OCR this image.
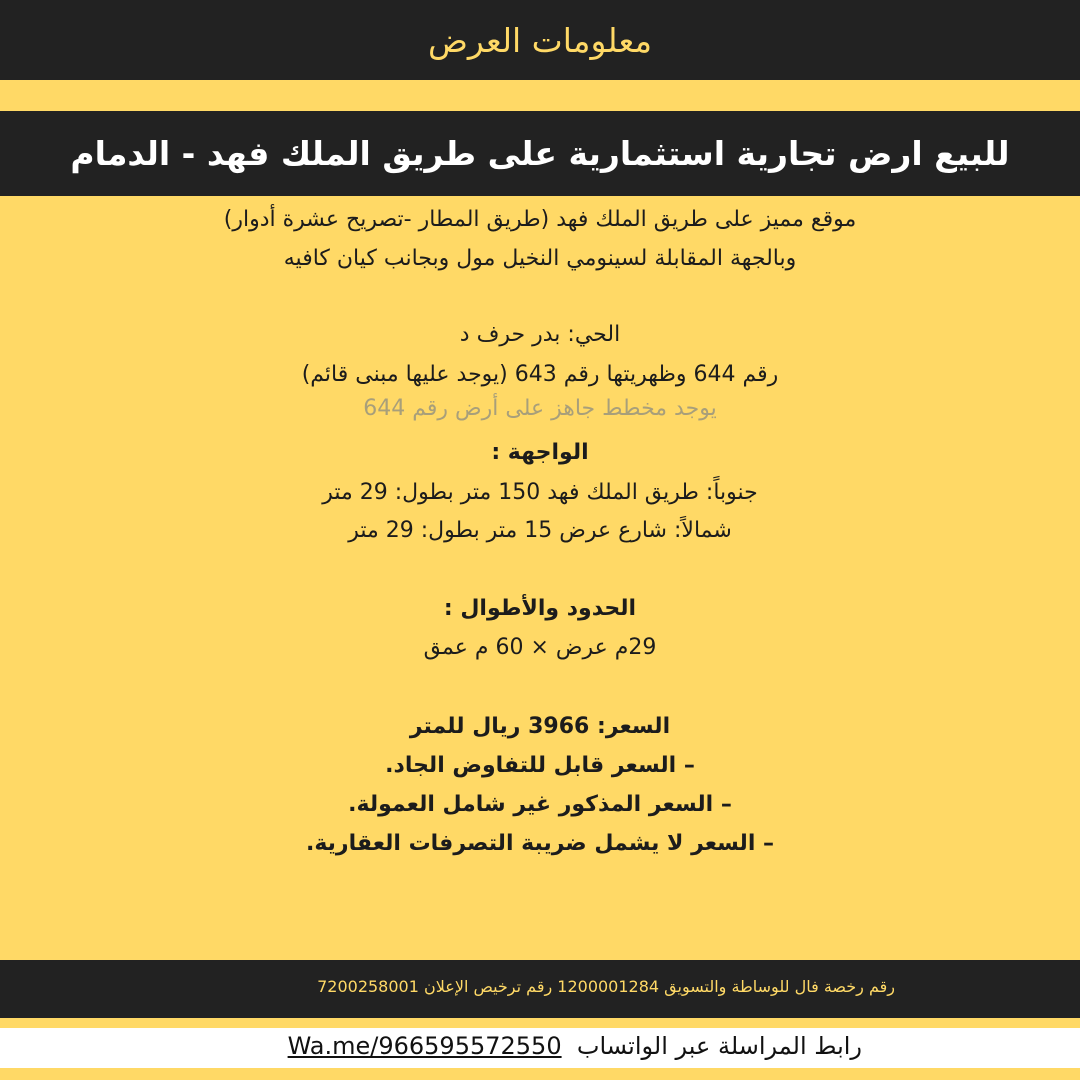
معلومات العرض
للبيع ارض تجارية استثمارية على طريق الملك فهد - الدمام
موقع مميز على طريق الملك فهد (طريق المطار -تصريح عشرة أدوار)
وبالجهة المقابلة لسينومي النخيل مول وبجانب كيان كافيه
الحي: بدر حرف د
رقم 644 وظهريتها رقم 643 (يوجد عليها مبنى قائم)
يوجد مخطط جاهز على أرض رقم 644
الواجهة :
جنوباً: طريق الملك فهد 150 متر بطول: 29 متر
شمالاً: شارع عرض 15 متر بطول: 29 متر
الحدود والأطوال :
29م عرض × 60 م عمق
السعر: 3966 ريال للمتر
– السعر قابل للتفاوض الجاد.
– السعر المذكور غير شامل العمولة.
– السعر لا يشمل ضريبة التصرفات العقارية.
رقم رخصة فال للوساطة والتسويق 1200001284 رقم ترخيص الإعلان 7200258001
رابط المراسلة عبر الواتساب  Wa.me/966595572550
